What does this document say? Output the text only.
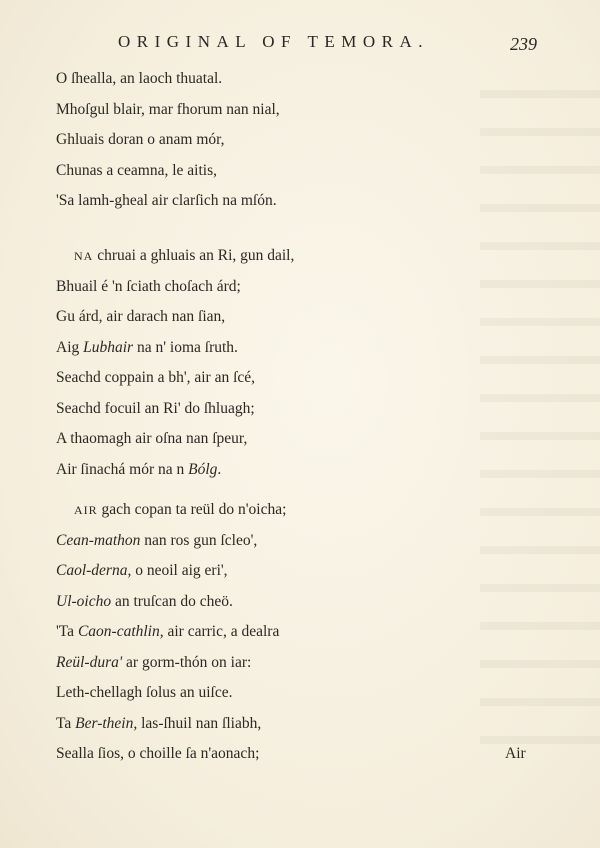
ORIGINAL OF TEMORA.	239
O ſhealla, an laoch thuatal.
Mhoſgul blair, mar fhorum nan nial,
Ghluais doran o anam mór,
Chunas a ceamna, le aitis,
'Sa lamh-gheal air clarſich na mſón.
NA chruai a ghluais an Ri, gun dail,
Bhuail é 'n ſciath choſach árd;
Gu árd, air darach nan ſian,
Aig Lubhair na n' ioma ſruth.
Seachd coppain a bh', air an ſcé,
Seachd focuil an Ri' do ſhluagh;
A thaomagh air oſna nan ſpeur,
Air ſinachá mór na n Bólg.
AIR gach copan ta reül do n'oicha;
Cean-mathon nan ros gun ſcleo',
Caol-derna, o neoil aig eri',
Ul-oicho an truſcan do cheö.
'Ta Caon-cathlin, air carric, a dealra
Reül-dura' ar gorm-thón on iar:
Leth-chellagh ſolus an uiſce.
Ta Ber-thein, las-ſhuil nan ſliabh,
Sealla ſios, o choille ſa n'aonach;	Air
